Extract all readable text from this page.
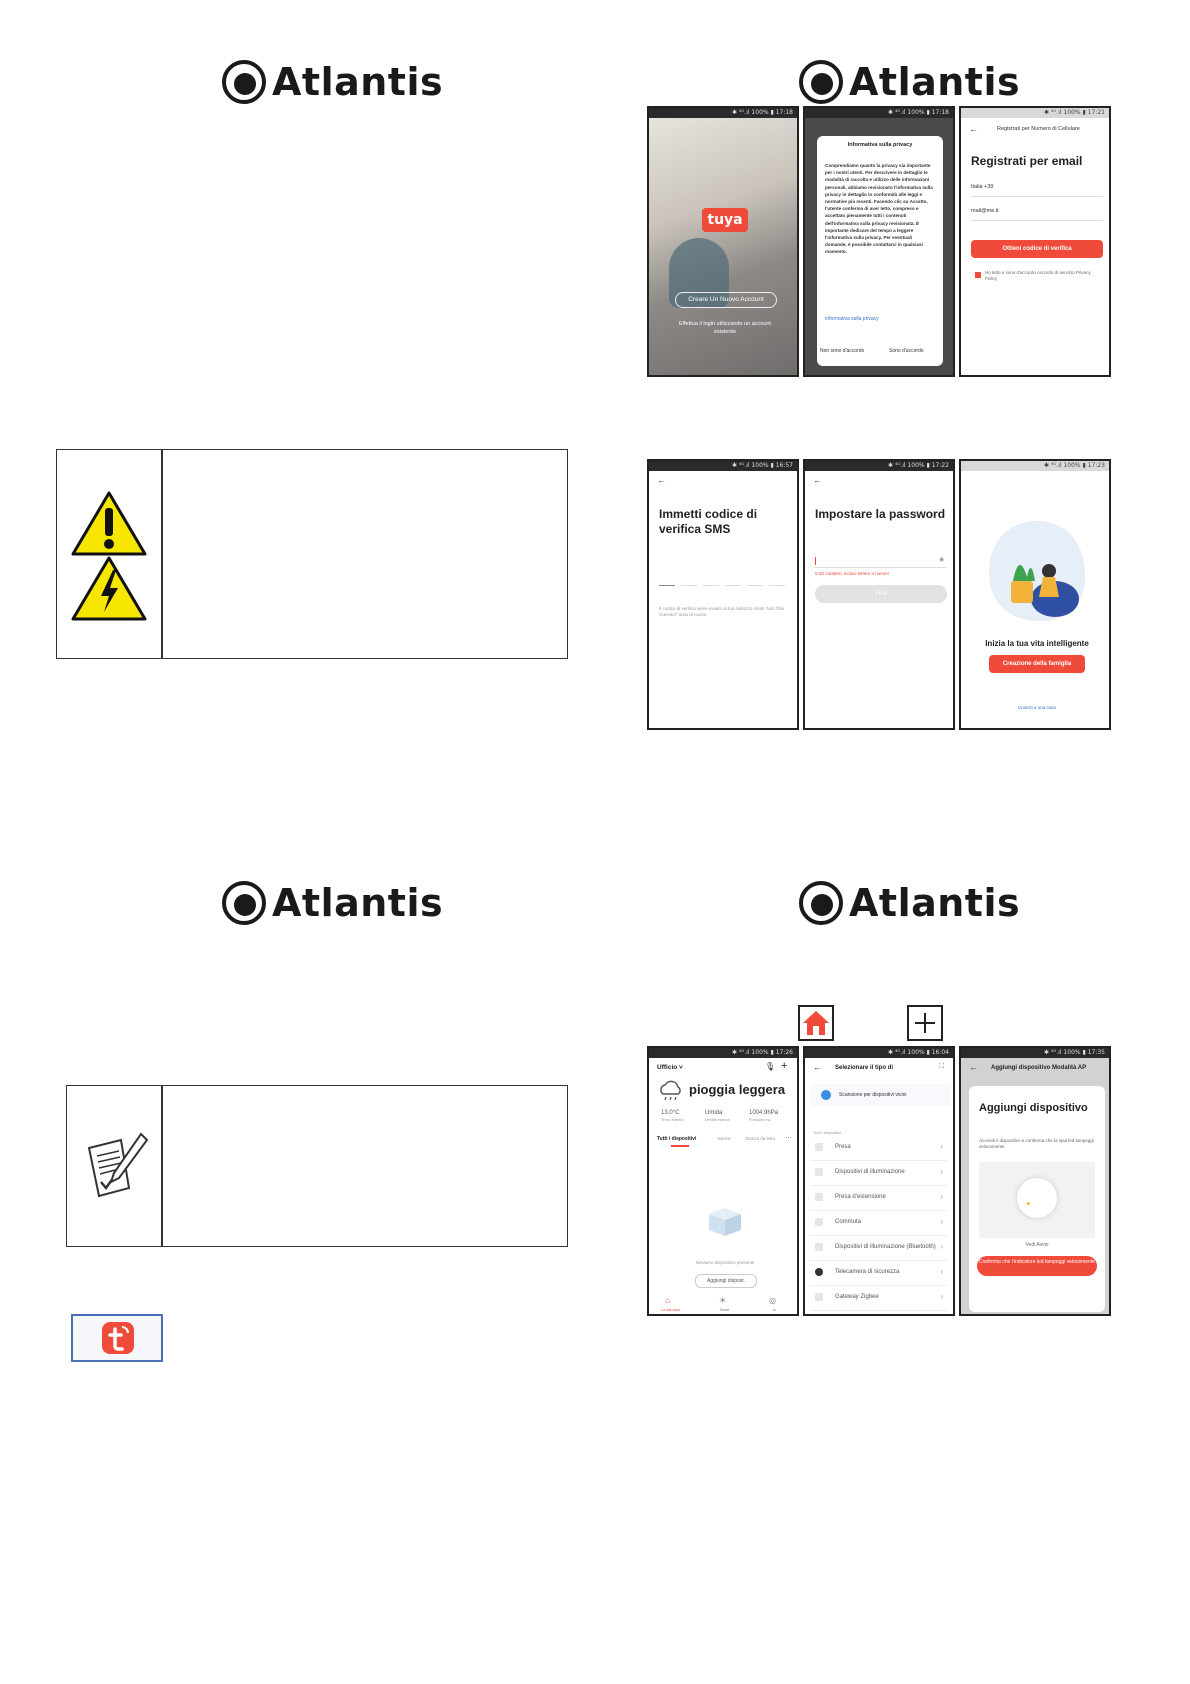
Atlantis	Atlantis
Atlantis	Atlantis
✱ ⁴ᴳ.ıl 100% ▮ 17:18
tuya
Creare Un Nuovo Account
Effettua il login utilizzando un account esistente
✱ ⁴ᴳ.ıl 100% ▮ 17:18
Informativa sulla privacy
Comprendiamo quanto la privacy sia importante per i nostri utenti. Per descrivere in dettaglio le modalità di raccolta e utilizzo delle informazioni personali, abbiamo revisionato l'informativa sulla privacy in dettaglio in conformità alle leggi e normative più recenti. Facendo clic su Accetto, l'utente conferma di aver letto, compreso e accettato pienamente tutti i contenuti dell'informativa sulla privacy revisionata. È importante dedicare del tempo a leggere l'informativa sulla privacy. Per eventuali domande, è possibile contattarci in qualsiasi momento.
Informativa sulla privacy
Non sono d'accordo	Sono d'accordo
✱ ⁴ᴳ.ıl 100% ▮ 17:21
←	Registrati per Numero di Cellulare
Registrati per email
Italia +39
mail@me.it
Ottieni codice di verifica
Ho letto e sono d'accordo Accordo di servizio Privacy Policy
✱ ⁴ᴳ.ıl 100% ▮ 16:57
←
Immetti codice di verifica SMS
Il codice di verifica viene inviato al tuo indirizzo email. Non l'hai ricevuto? Invia di nuovo
✱ ⁴ᴳ.ıl 100% ▮ 17:22
←
Impostare la password
◉
6-20 caratteri, inclusi lettere e numeri
Fine
✱ ⁴ᴳ.ıl 100% ▮ 17:23
Inizia la tua vita intelligente
Creazione della famiglia
Unisciti a una casa
✱ ⁴ᴳ.ıl 100% ▮ 17:26
Ufficio ˅	🎙 +
pioggia leggera
13.0°C
Temp. esterna
Umida
Umidità esterna
1004.9hPa
Pressione est.
Tutti i dispositivi	Salone	Stanza da letto ⋯
Nessuno dispositivo presente
Aggiungi dispost.
⌂
La mia casa
☀
Smart
◎
Io
✱ ⁴ᴳ.ıl 100% ▮ 16:04
← Selezionare il tipo di	⛶
Scansione per dispositivi vicini
Tutti i dispositivi
Presa	›
Dispositivi di illuminazione	›
Presa d'estensione	›
Commuta	›
Dispositivi di illuminazione (Bluetooth) ›
Telecamera di sicurezza	›
Gateway Zigbee	›
✱ ⁴ᴳ.ıl 100% ▮ 17:35
← Aggiungi dispositivo Modalità AP
Aggiungi dispositivo
Accendi il dispositivo e conferma che la spia led lampeggi velocemente
Vedi Avvio
Conferma che l'indicatore led lampeggi velocemente
